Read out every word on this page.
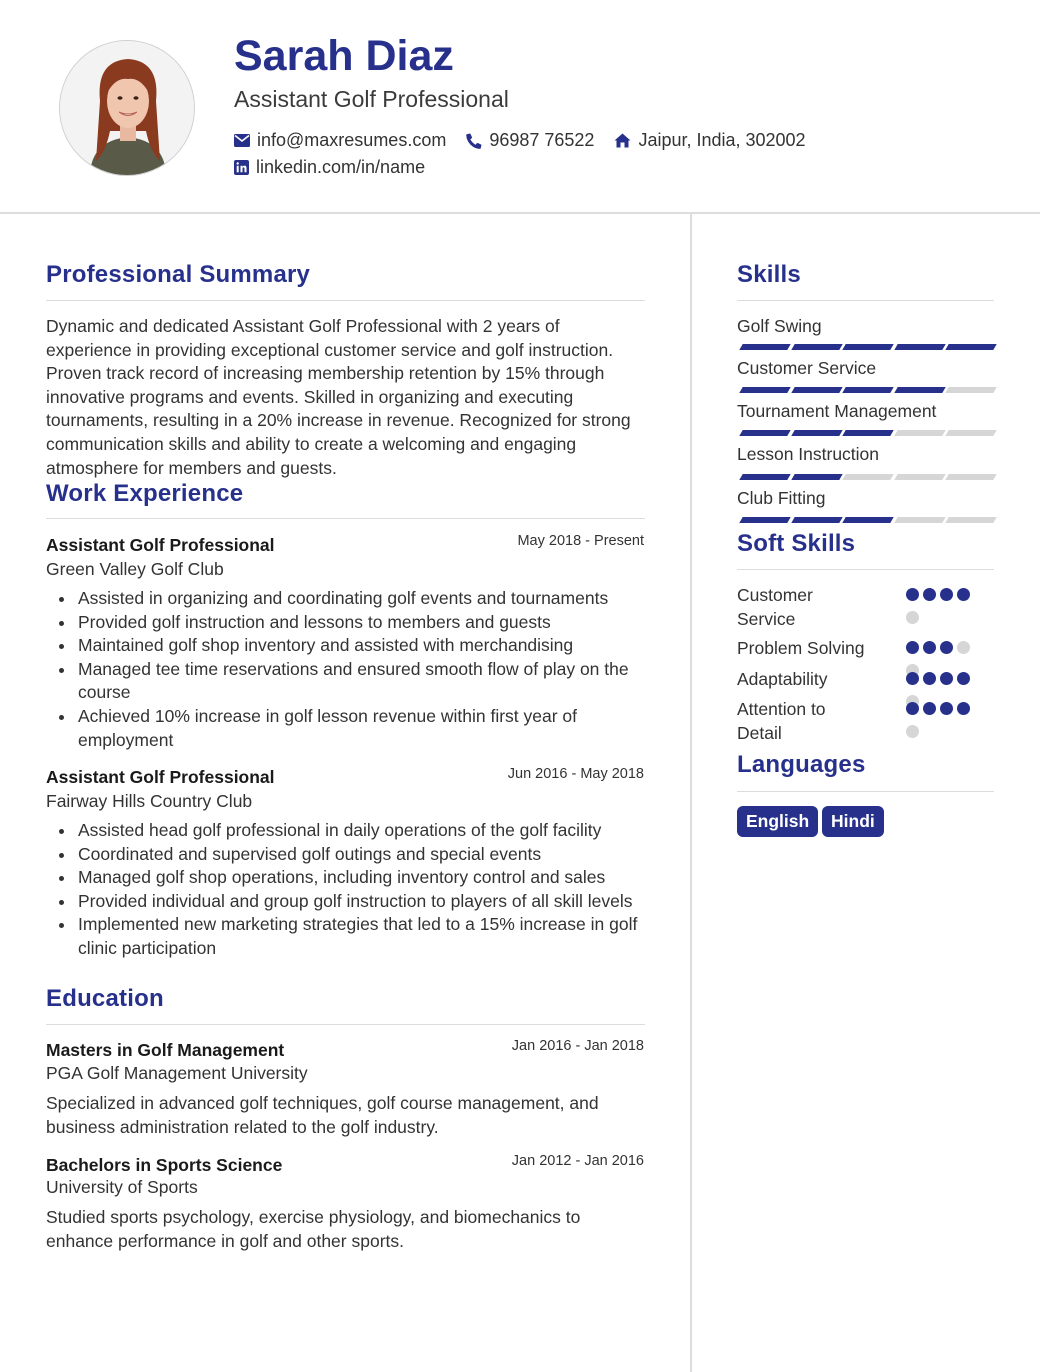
Sarah Diaz
Assistant Golf Professional
info@maxresumes.com 96987 76522 Jaipur, India, 302002
linkedin.com/in/name
Professional Summary
Dynamic and dedicated Assistant Golf Professional with 2 years of experience in providing exceptional customer service and golf instruction. Proven track record of increasing membership retention by 15% through innovative programs and events. Skilled in organizing and executing tournaments, resulting in a 20% increase in revenue. Recognized for strong communication skills and ability to create a welcoming and engaging atmosphere for members and guests.
Work Experience
Assistant Golf Professional	May 2018 - Present
Green Valley Golf Club
Assisted in organizing and coordinating golf events and tournaments
Provided golf instruction and lessons to members and guests
Maintained golf shop inventory and assisted with merchandising
Managed tee time reservations and ensured smooth flow of play on the course
Achieved 10% increase in golf lesson revenue within first year of employment
Assistant Golf Professional	Jun 2016 - May 2018
Fairway Hills Country Club
Assisted head golf professional in daily operations of the golf facility
Coordinated and supervised golf outings and special events
Managed golf shop operations, including inventory control and sales
Provided individual and group golf instruction to players of all skill levels
Implemented new marketing strategies that led to a 15% increase in golf clinic participation
Education
Masters in Golf Management	Jan 2016 - Jan 2018
PGA Golf Management University
Specialized in advanced golf techniques, golf course management, and business administration related to the golf industry.
Bachelors in Sports Science	Jan 2012 - Jan 2016
University of Sports
Studied sports psychology, exercise physiology, and biomechanics to enhance performance in golf and other sports.
Skills
Golf Swing
Customer Service
Tournament Management
Lesson Instruction
Club Fitting
Soft Skills
Customer Service
Problem Solving
Adaptability
Attention to Detail
Languages
English	Hindi
